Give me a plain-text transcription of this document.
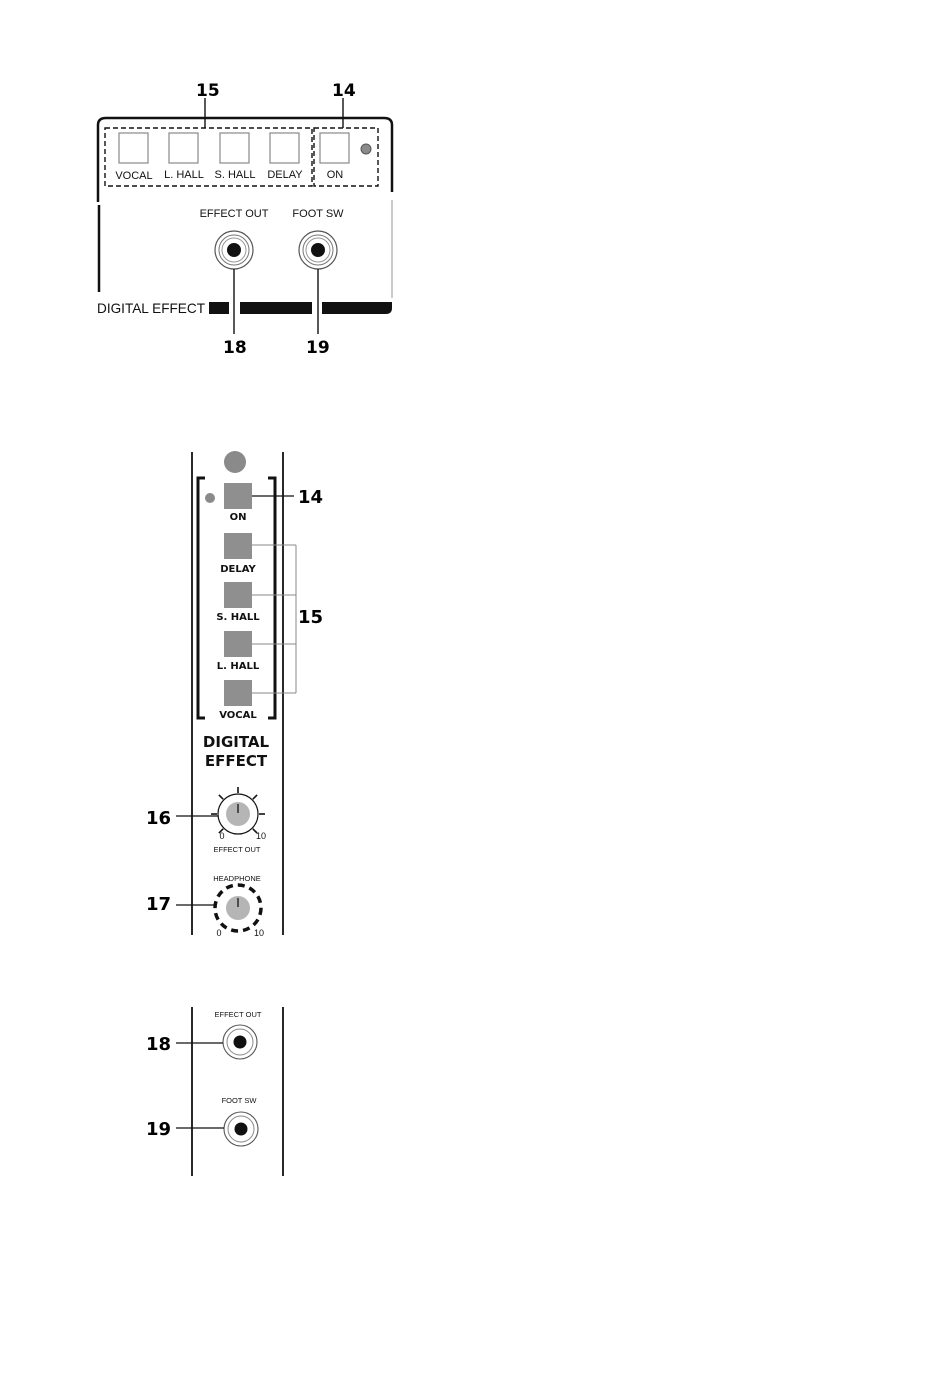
15	14
VOCAL L. HALL S. HALL DELAY ON
EFFECT OUT FOOT SW
DIGITAL EFFECT
18	19
ON
DELAY
S. HALL
L. HALL
VOCAL
14
15
DIGITAL
EFFECT
0	10
EFFECT OUT
16
HEADPHONE
0	10
17
EFFECT OUT
18
FOOT SW
19
